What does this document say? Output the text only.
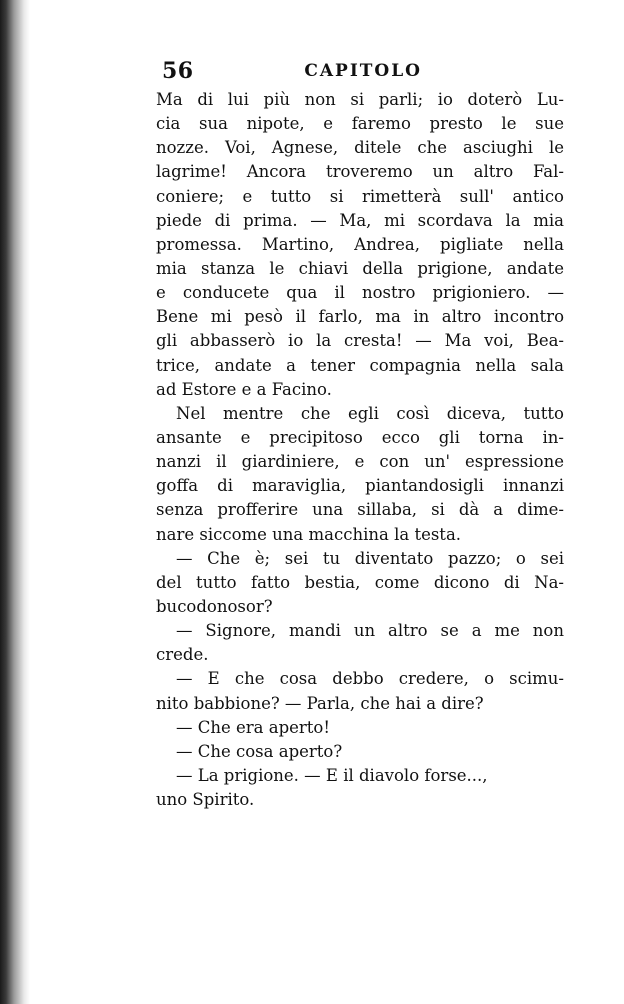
56	CAPITOLO
Ma di lui più non si parli; io doterò Lu-
cia sua nipote, e faremo presto le sue
nozze. Voi, Agnese, ditele che asciughi le
lagrime! Ancora troveremo un altro Fal-
coniere; e tutto si rimetterà sull' antico
piede di prima. — Ma, mi scordava la mia
promessa. Martino, Andrea, pigliate nella
mia stanza le chiavi della prigione, andate
e conducete qua il nostro prigioniero. —
Bene mi pesò il farlo, ma in altro incontro
gli abbasserò io la cresta! — Ma voi, Bea-
trice, andate a tener compagnia nella sala
ad Estore e a Facino.
Nel mentre che egli così diceva, tutto
ansante e precipitoso ecco gli torna in-
nanzi il giardiniere, e con un' espressione
goffa di maraviglia, piantandosigli innanzi
senza profferire una sillaba, si dà a dime-
nare siccome una macchina la testa.
— Che è; sei tu diventato pazzo; o sei
del tutto fatto bestia, come dicono di Na-
bucodonosor?
— Signore, mandi un altro se a me non
crede.
— E che cosa debbo credere, o scimu-
nito babbione? — Parla, che hai a dire?
— Che era aperto!
— Che cosa aperto?
— La prigione. — E il diavolo forse...,
uno Spirito.
